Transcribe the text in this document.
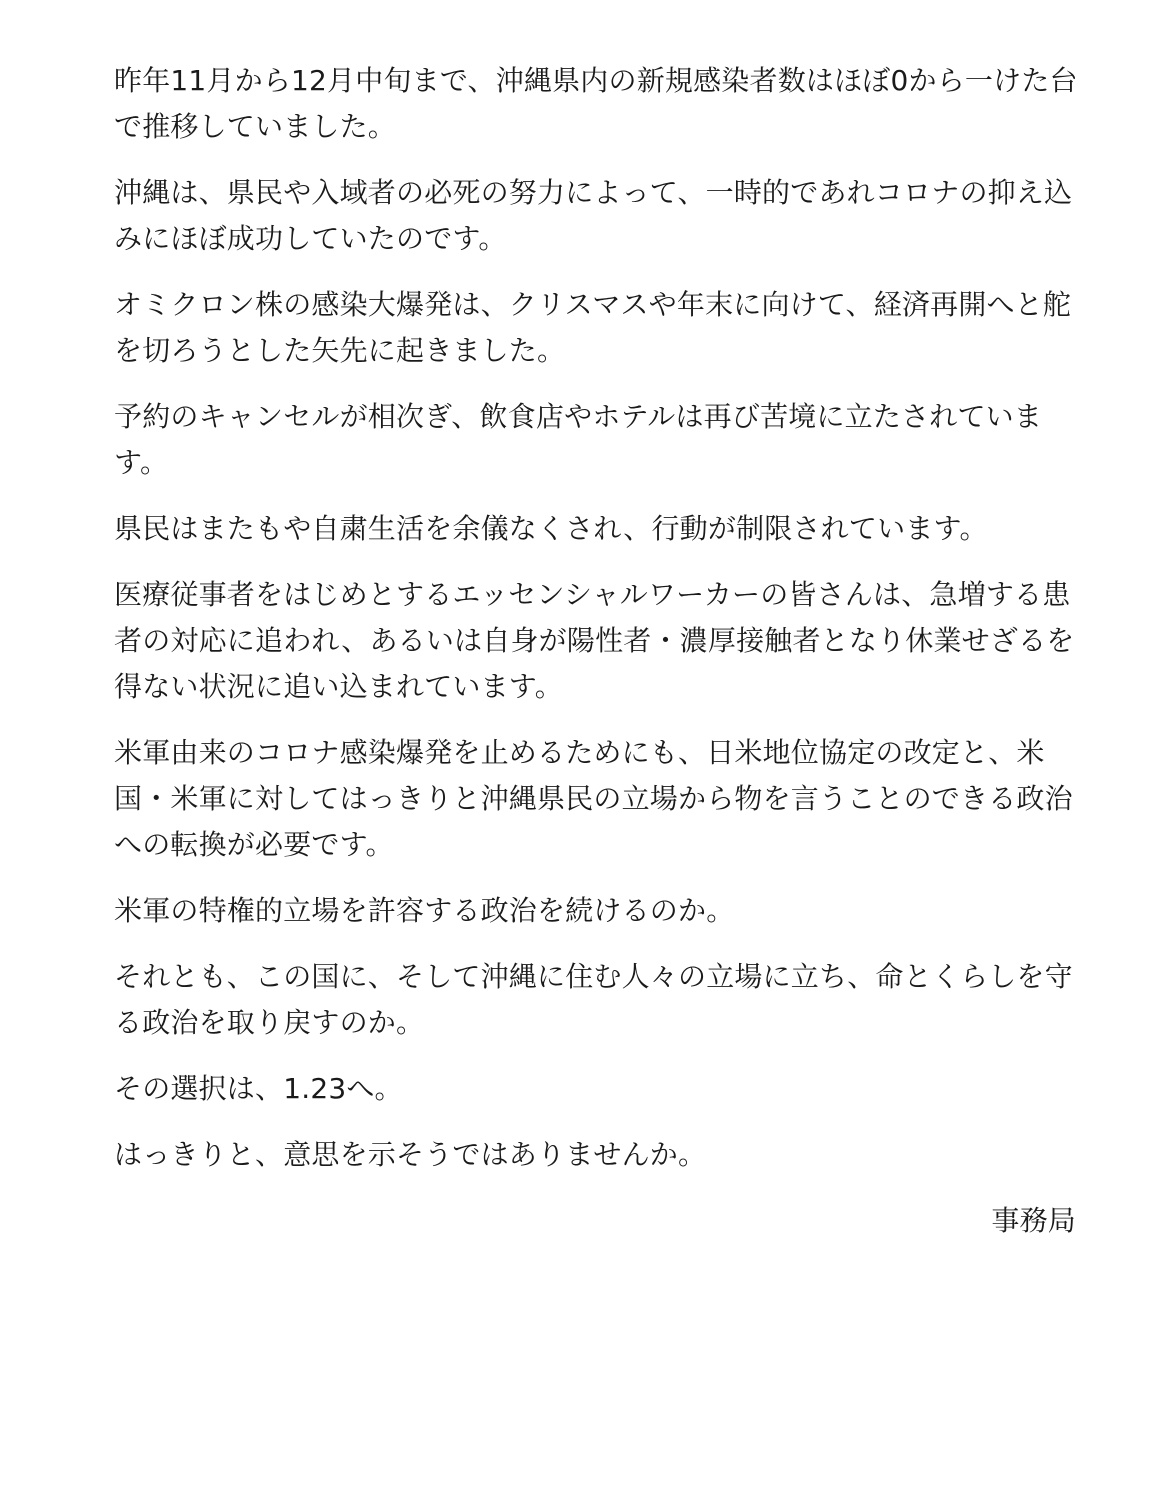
昨年11月から12月中旬まで、沖縄県内の新規感染者数はほぼ0から一けた台
で推移していました。

沖縄は、県民や入域者の必死の努力によって、一時的であれコロナの抑え込
みにほぼ成功していたのです。

オミクロン株の感染大爆発は、クリスマスや年末に向けて、経済再開へと舵
を切ろうとした矢先に起きました。

予約のキャンセルが相次ぎ、飲食店やホテルは再び苦境に立たされていま
す。

県民はまたもや自粛生活を余儀なくされ、行動が制限されています。

医療従事者をはじめとするエッセンシャルワーカーの皆さんは、急増する患
者の対応に追われ、あるいは自身が陽性者・濃厚接触者となり休業せざるを
得ない状況に追い込まれています。

米軍由来のコロナ感染爆発を止めるためにも、日米地位協定の改定と、米
国・米軍に対してはっきりと沖縄県民の立場から物を言うことのできる政治
への転換が必要です。

米軍の特権的立場を許容する政治を続けるのか。

それとも、この国に、そして沖縄に住む人々の立場に立ち、命とくらしを守
る政治を取り戻すのか。

その選択は、1.23へ。

はっきりと、意思を示そうではありませんか。

事務局
